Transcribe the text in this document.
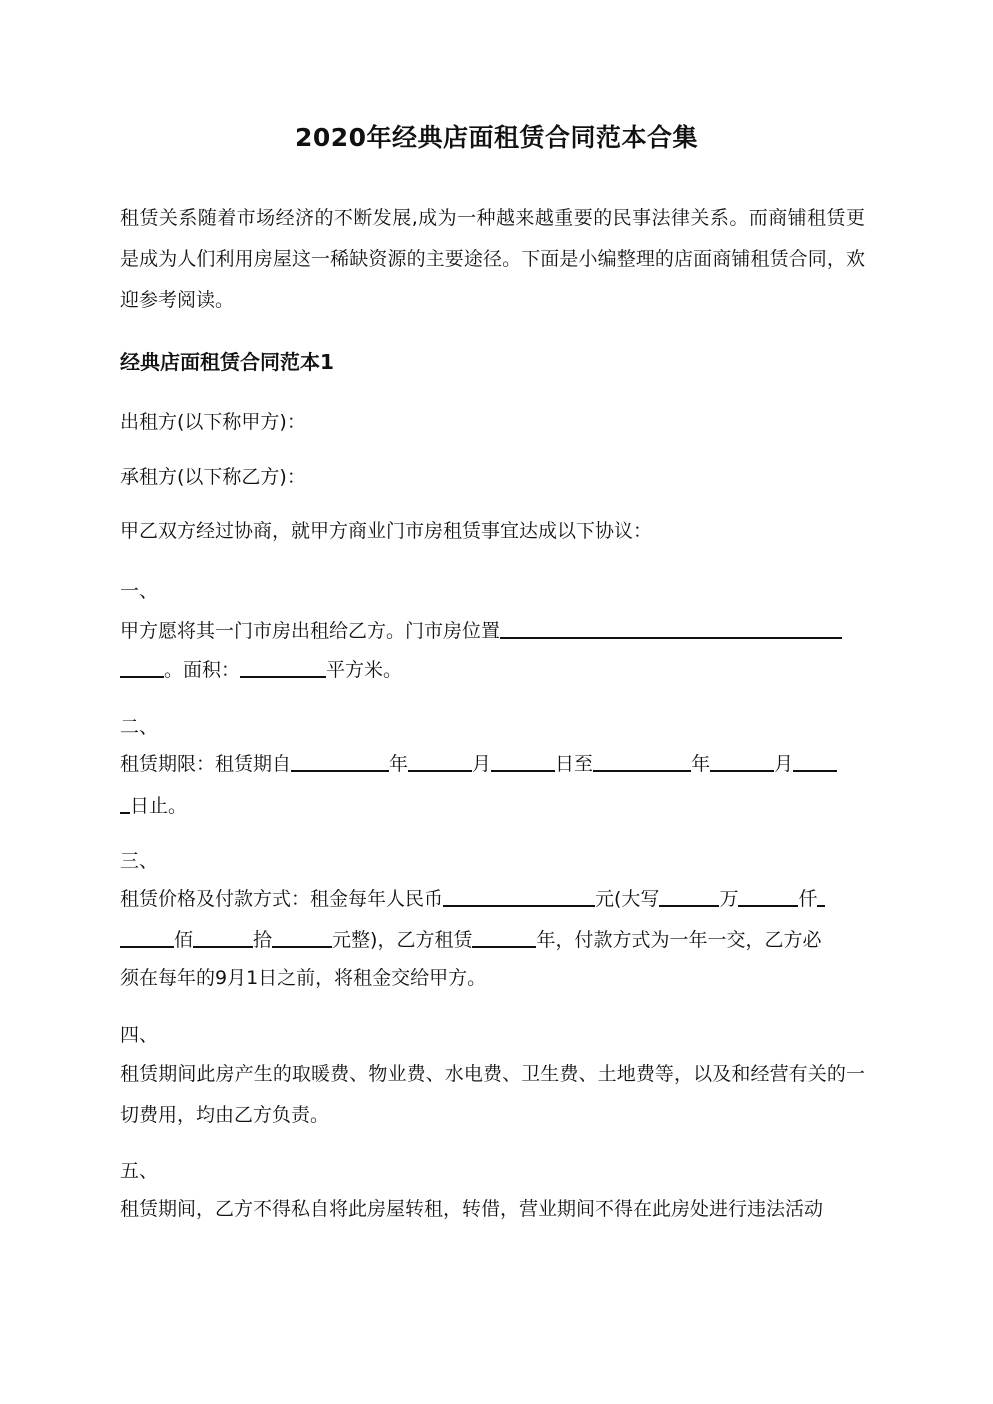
2020年经典店面租赁合同范本合集

租赁关系随着市场经济的不断发展,成为一种越来越重要的民事法律关系。而商铺租赁更是成为人们利用房屋这一稀缺资源的主要途径。下面是小编整理的店面商铺租赁合同，欢迎参考阅读。

经典店面租赁合同范本1
出租方(以下称甲方)：
承租方(以下称乙方)：
甲乙双方经过协商，就甲方商业门市房租赁事宜达成以下协议：
一、
甲方愿将其一门市房出租给乙方。门市房位置
。面积：	平方米。
二、
租赁期限：租赁期自	年	月	日至	年	月
日止。
三、
租赁价格及付款方式：租金每年人民币	元(大写	万	仟
佰	拾	元整)，乙方租赁	年，付款方式为一年一交，乙方必
须在每年的9月1日之前，将租金交给甲方。
四、

租赁期间此房产生的取暖费、物业费、水电费、卫生费、土地费等，以及和经营有关的一切费用，均由乙方负责。

五、
租赁期间，乙方不得私自将此房屋转租，转借，营业期间不得在此房处进行违法活动
